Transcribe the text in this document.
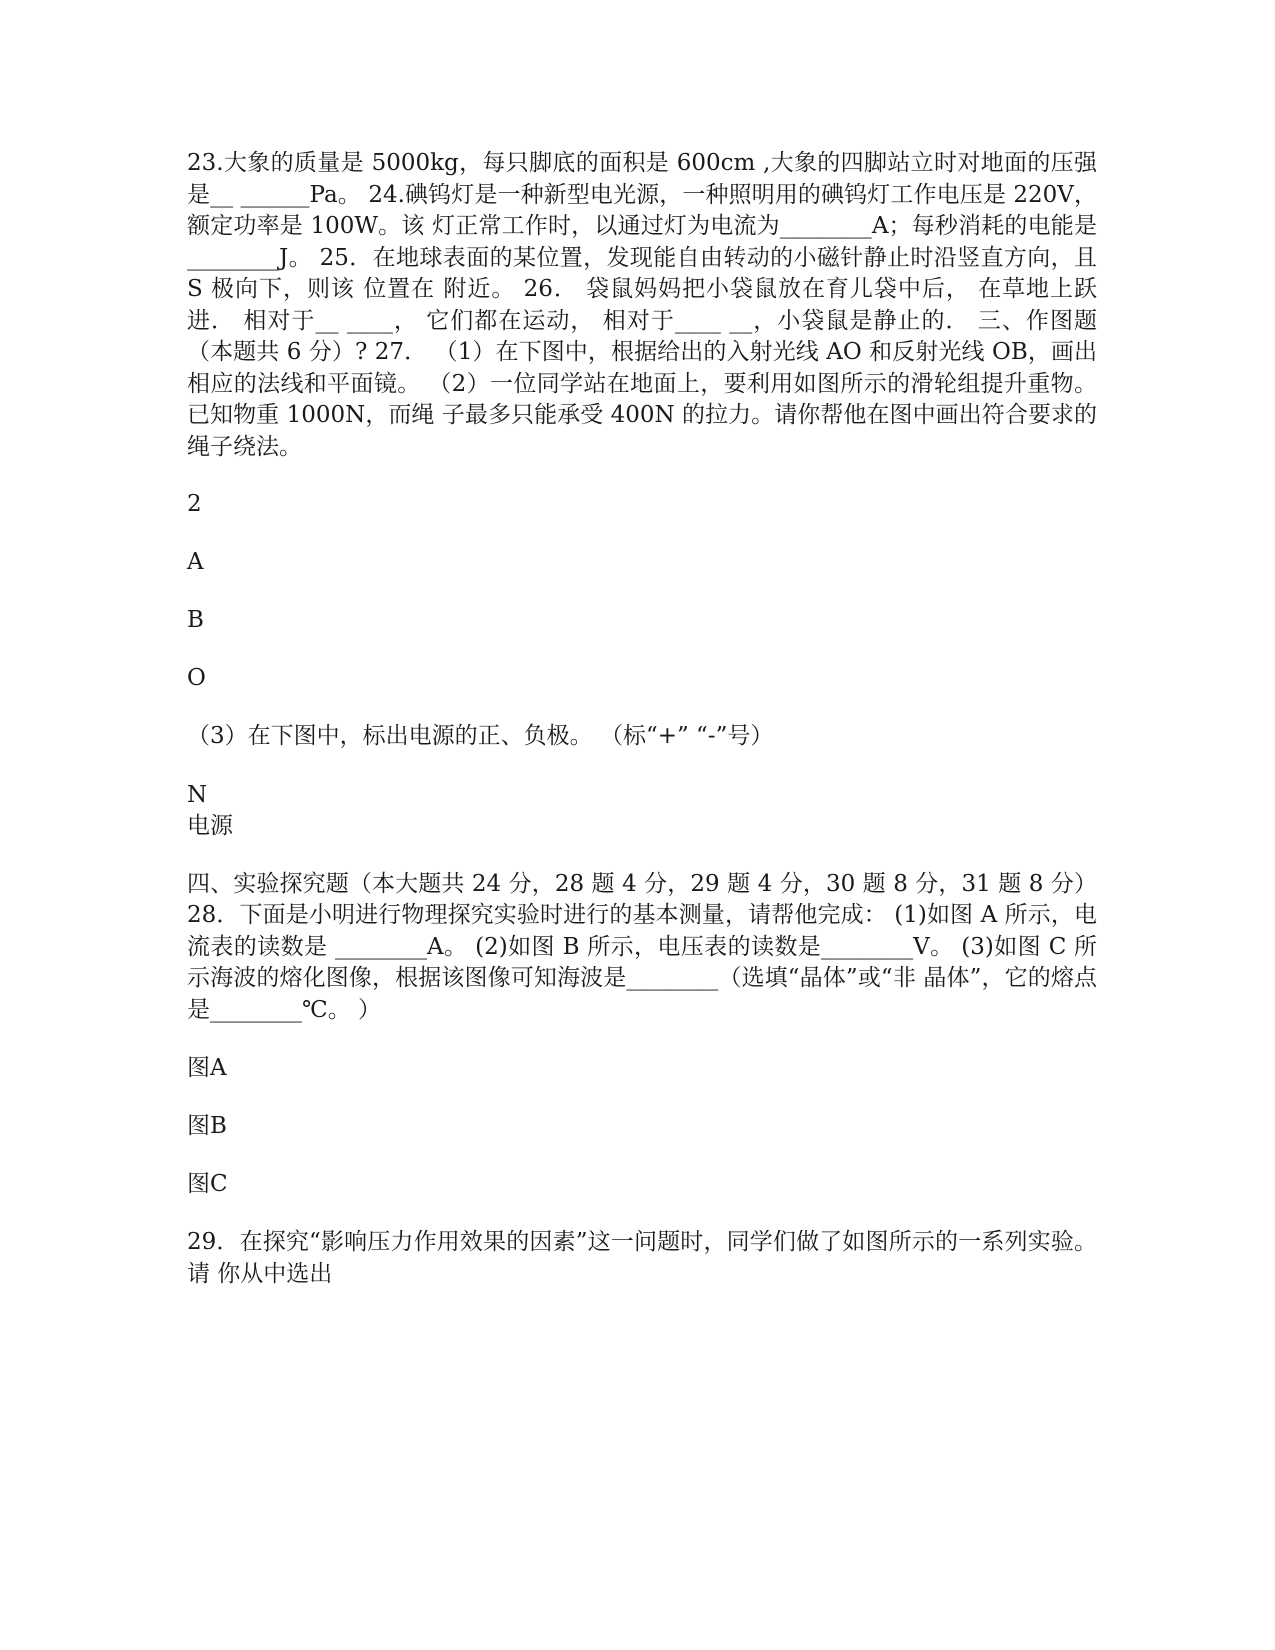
23.大象的质量是 5000kg，每只脚底的面积是 600cm ,大象的四脚站立时对地面的压强是__ ______Pa。 24.碘钨灯是一种新型电光源，一种照明用的碘钨灯工作电压是 220V，额定功率是 100W。该 灯正常工作时，以通过灯为电流为________A；每秒消耗的电能是________J。 25．在地球表面的某位置，发现能自由转动的小磁针静止时沿竖直方向，且 S 极向下，则该 位置在 附近。 26． 袋鼠妈妈把小袋鼠放在育儿袋中后， 在草地上跃进． 相对于__ ____， 它们都在运动， 相对于____ __，小袋鼠是静止的． 三、作图题（本题共 6 分）? 27． （1）在下图中，根据给出的入射光线 AO 和反射光线 OB，画出相应的法线和平面镜。 （2）一位同学站在地面上，要利用如图所示的滑轮组提升重物。已知物重 1000N，而绳 子最多只能承受 400N 的拉力。请你帮他在图中画出符合要求的绳子绕法。

2

A

B

O

（3）在下图中，标出电源的正、负极。 （标“+” “-”号）

N

电源

四、实验探究题（本大题共 24 分，28 题 4 分，29 题 4 分，30 题 8 分，31 题 8 分） 28．下面是小明进行物理探究实验时进行的基本测量，请帮他完成： (1)如图 A 所示，电流表的读数是 ________A。 (2)如图 B 所示，电压表的读数是________V。 (3)如图 C 所示海波的熔化图像，根据该图像可知海波是________（选填“晶体”或“非 晶体”，它的熔点是________℃。 ）

图A

图B

图C

29．在探究“影响压力作用效果的因素”这一问题时，同学们做了如图所示的一系列实验。请 你从中选出
